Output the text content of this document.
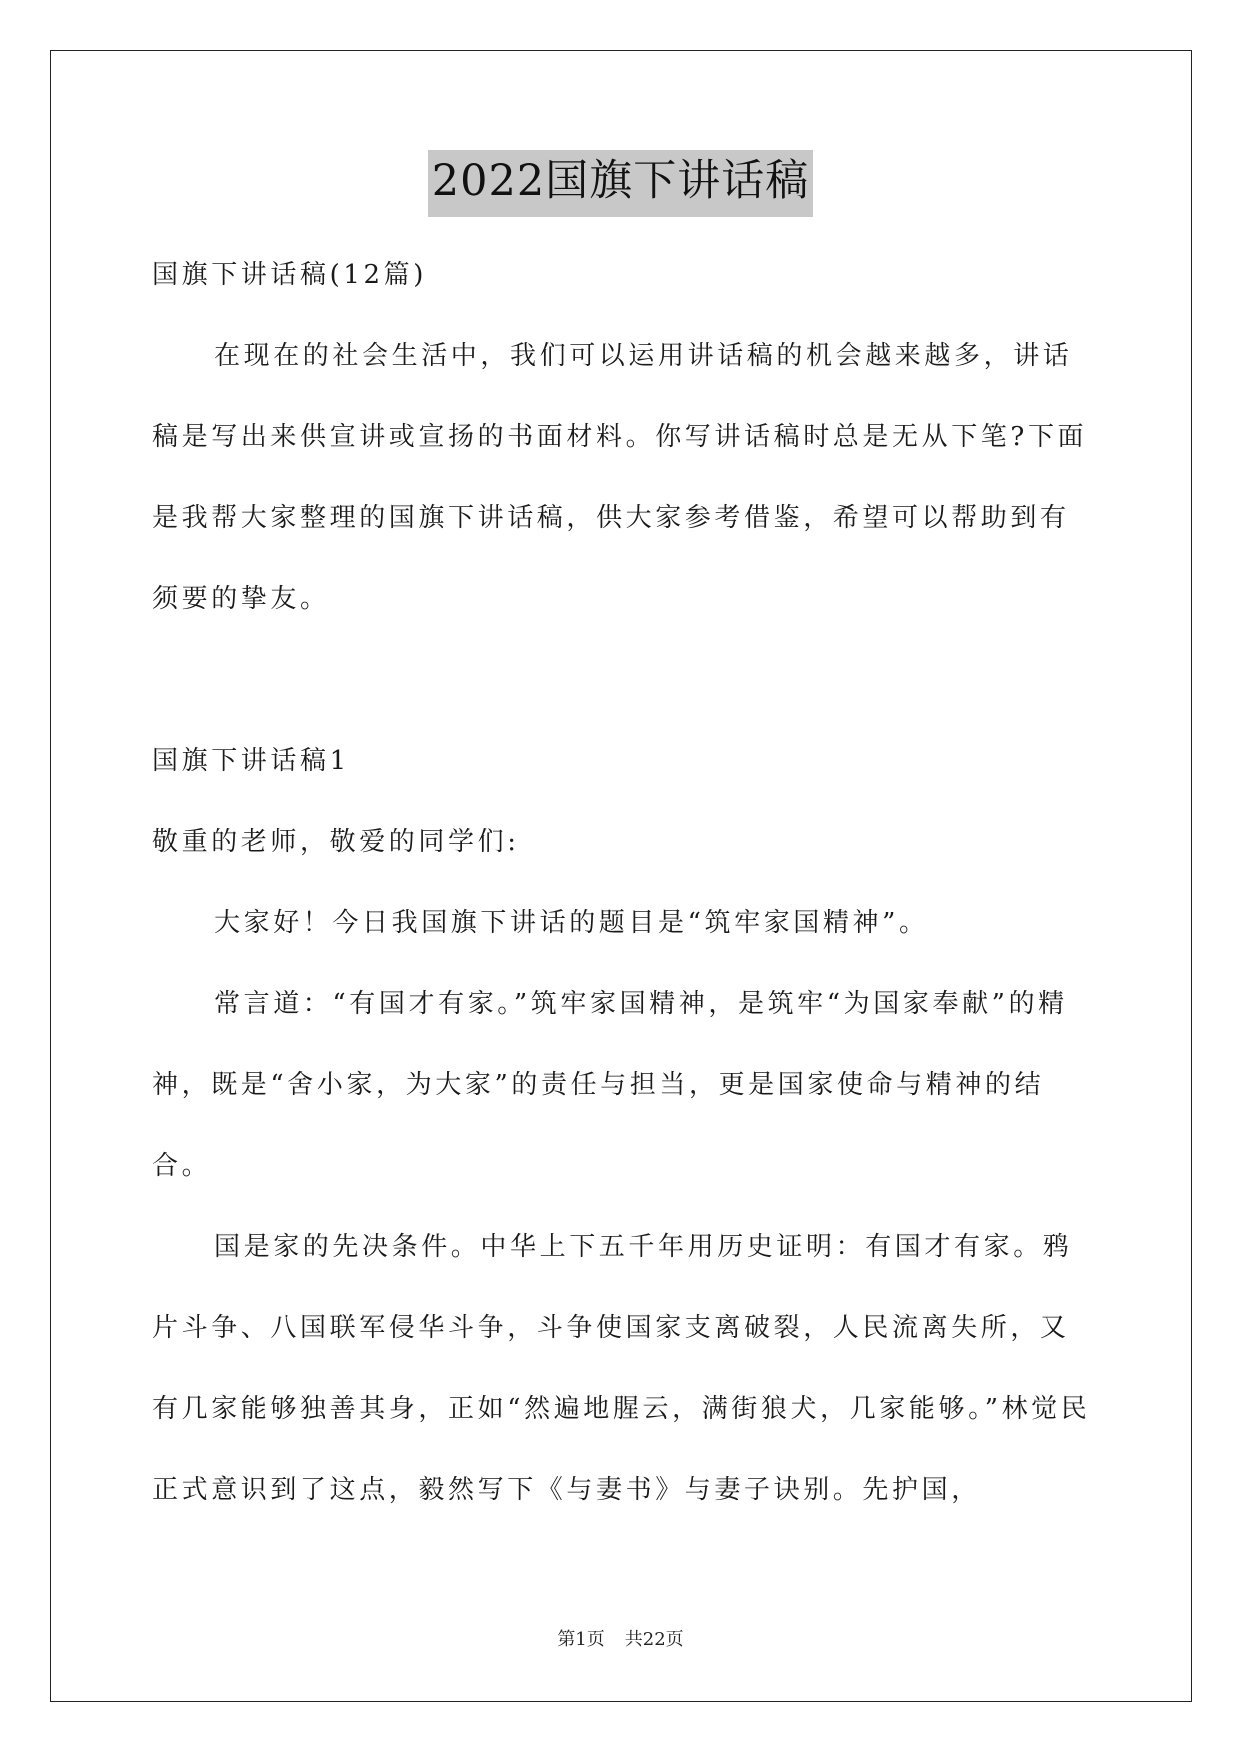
2022国旗下讲话稿

国旗下讲话稿(12篇)

在现在的社会生活中，我们可以运用讲话稿的机会越来越多，讲话稿是写出来供宣讲或宣扬的书面材料。你写讲话稿时总是无从下笔?下面是我帮大家整理的国旗下讲话稿，供大家参考借鉴，希望可以帮助到有须要的挚友。

国旗下讲话稿1

敬重的老师，敬爱的同学们:

大家好！今日我国旗下讲话的题目是“筑牢家国精神”。

常言道：“有国才有家。”筑牢家国精神，是筑牢“为国家奉献”的精神，既是“舍小家，为大家”的责任与担当，更是国家使命与精神的结合。

国是家的先决条件。中华上下五千年用历史证明：有国才有家。鸦片斗争、八国联军侵华斗争，斗争使国家支离破裂，人民流离失所，又有几家能够独善其身，正如“然遍地腥云，满街狼犬，几家能够。”林觉民正式意识到了这点，毅然写下《与妻书》与妻子诀别。先护国，

第1页 共22页
